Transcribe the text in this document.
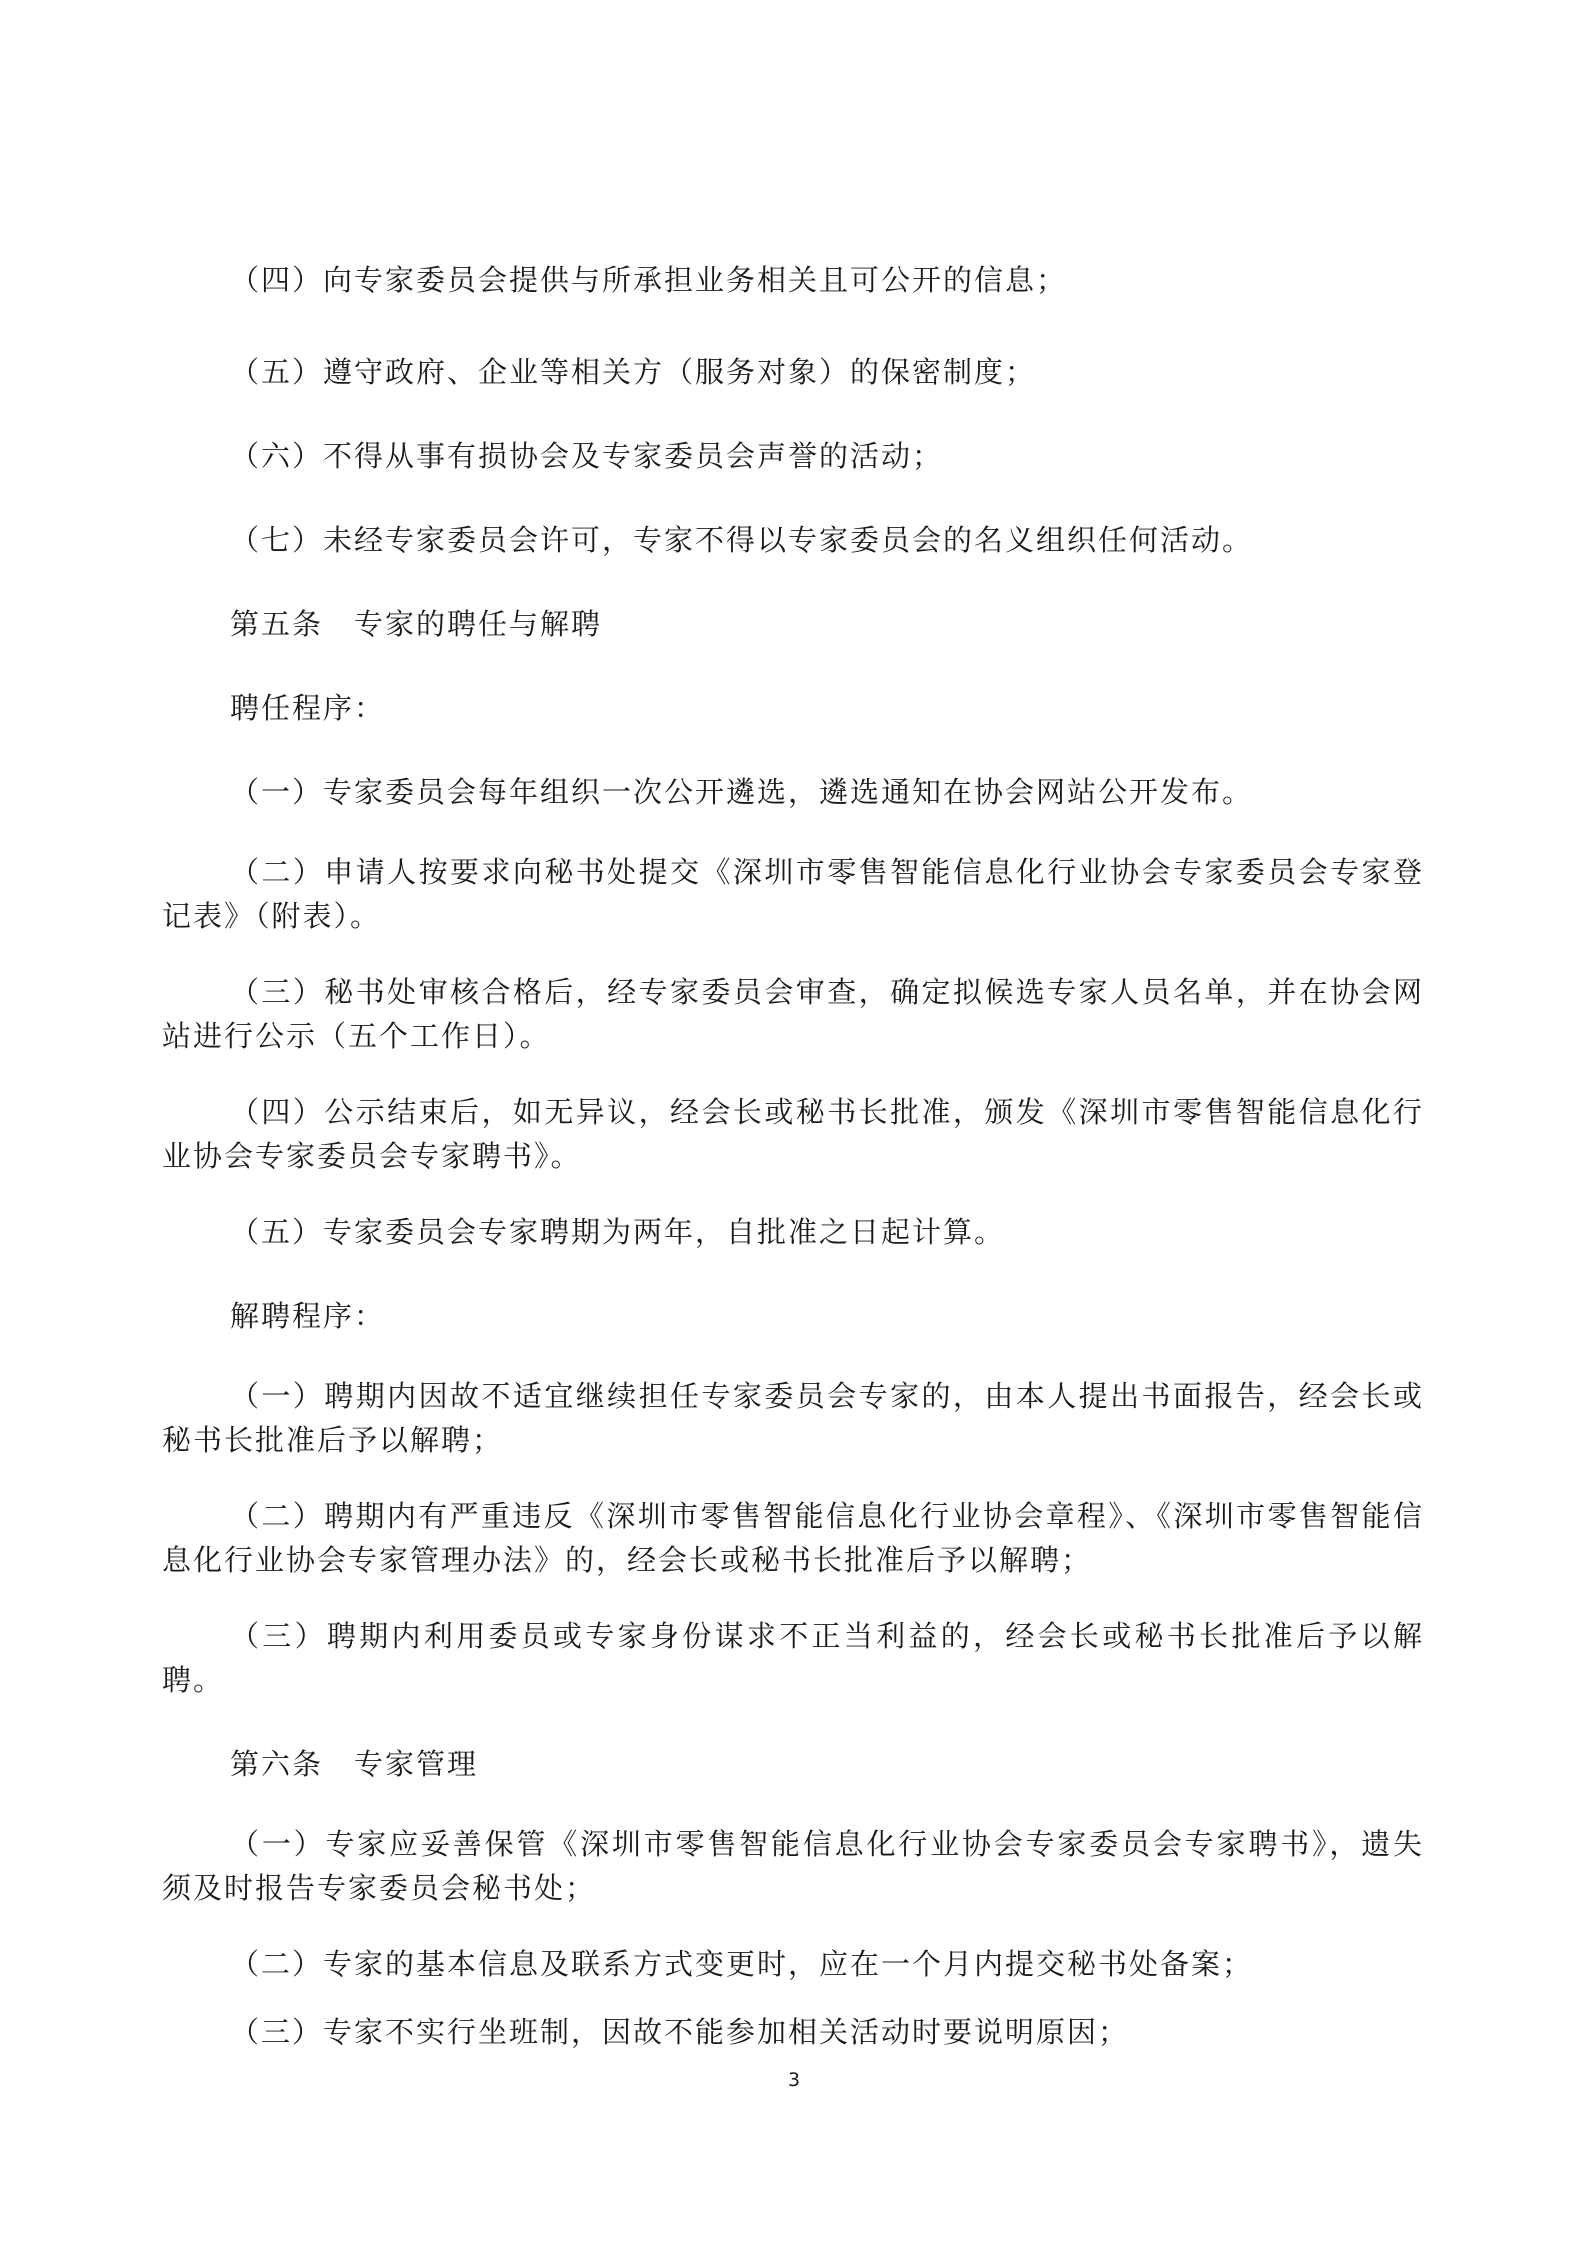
（四）向专家委员会提供与所承担业务相关且可公开的信息；

（五）遵守政府、企业等相关方（服务对象）的保密制度；

（六）不得从事有损协会及专家委员会声誉的活动；

（七）未经专家委员会许可，专家不得以专家委员会的名义组织任何活动。

第五条　专家的聘任与解聘

聘任程序：

（一）专家委员会每年组织一次公开遴选，遴选通知在协会网站公开发布。

（二）申请人按要求向秘书处提交《深圳市零售智能信息化行业协会专家委员会专家登记表》（附表）。

（三）秘书处审核合格后，经专家委员会审查，确定拟候选专家人员名单，并在协会网站进行公示（五个工作日）。

（四）公示结束后，如无异议，经会长或秘书长批准，颁发《深圳市零售智能信息化行业协会专家委员会专家聘书》。

（五）专家委员会专家聘期为两年，自批准之日起计算。

解聘程序：

（一）聘期内因故不适宜继续担任专家委员会专家的，由本人提出书面报告，经会长或秘书长批准后予以解聘；

（二）聘期内有严重违反《深圳市零售智能信息化行业协会章程》、《深圳市零售智能信息化行业协会专家管理办法》的，经会长或秘书长批准后予以解聘；

（三）聘期内利用委员或专家身份谋求不正当利益的，经会长或秘书长批准后予以解聘。

第六条　专家管理

（一）专家应妥善保管《深圳市零售智能信息化行业协会专家委员会专家聘书》，遗失须及时报告专家委员会秘书处；

（二）专家的基本信息及联系方式变更时，应在一个月内提交秘书处备案；

（三）专家不实行坐班制，因故不能参加相关活动时要说明原因；

3
